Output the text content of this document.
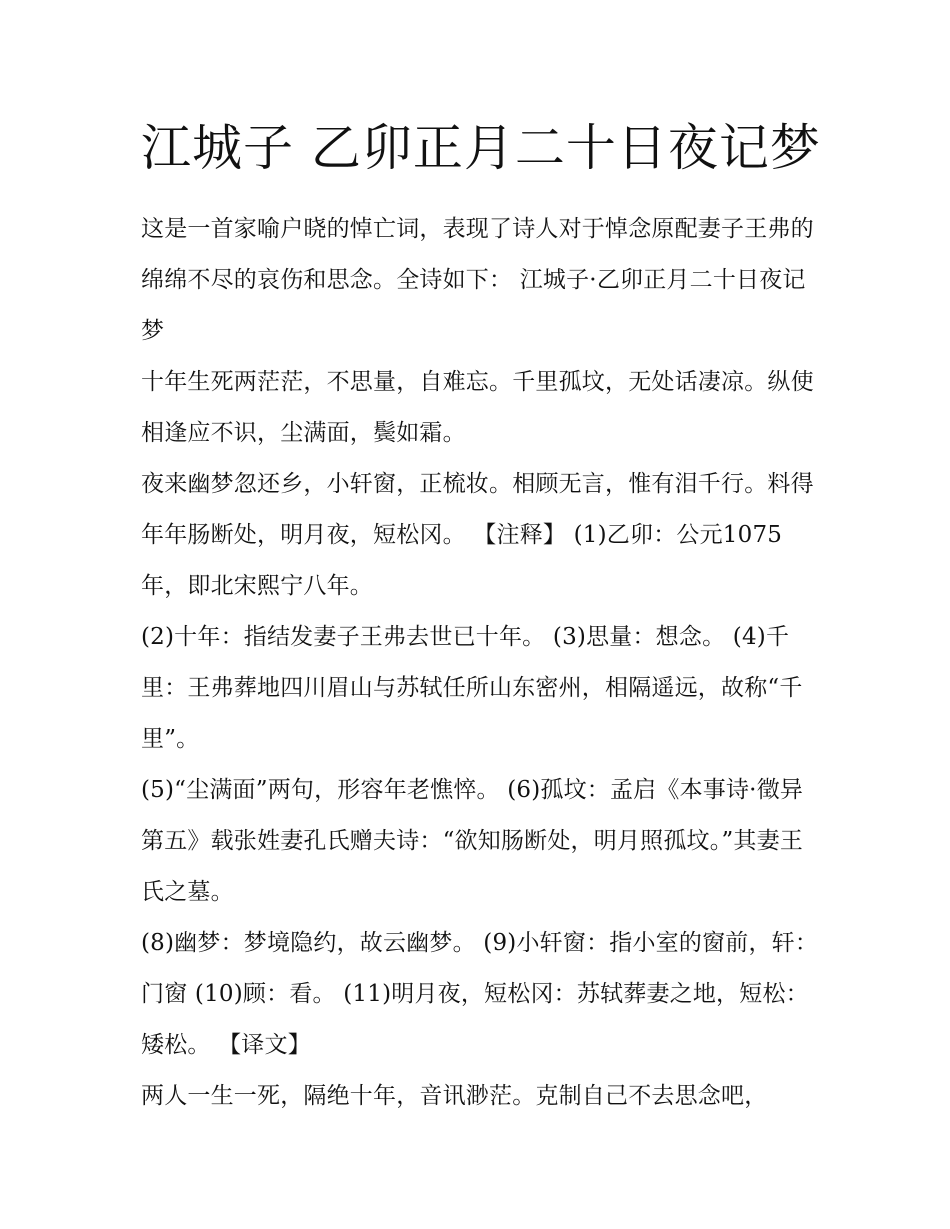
江城子 乙卯正月二十日夜记梦

这是一首家喻户晓的悼亡词，表现了诗人对于悼念原配妻子王弗的绵绵不尽的哀伤和思念。全诗如下： 江城子·乙卯正月二十日夜记梦

十年生死两茫茫，不思量，自难忘。千里孤坟，无处话凄凉。纵使相逢应不识，尘满面，鬓如霜。

夜来幽梦忽还乡，小轩窗，正梳妆。相顾无言，惟有泪千行。料得年年肠断处，明月夜，短松冈。 【注释】 (1)乙卯：公元1075年，即北宋熙宁八年。

(2)十年：指结发妻子王弗去世已十年。 (3)思量：想念。 (4)千里：王弗葬地四川眉山与苏轼任所山东密州，相隔遥远，故称“千里”。

(5)“尘满面”两句，形容年老憔悴。 (6)孤坟：孟启《本事诗·徵异第五》载张姓妻孔氏赠夫诗：“欲知肠断处，明月照孤坟。”其妻王氏之墓。

(8)幽梦：梦境隐约，故云幽梦。 (9)小轩窗：指小室的窗前，轩：门窗 (10)顾：看。 (11)明月夜，短松冈：苏轼葬妻之地，短松：矮松。 【译文】

两人一生一死，隔绝十年，音讯渺茫。克制自己不去思念吧，
